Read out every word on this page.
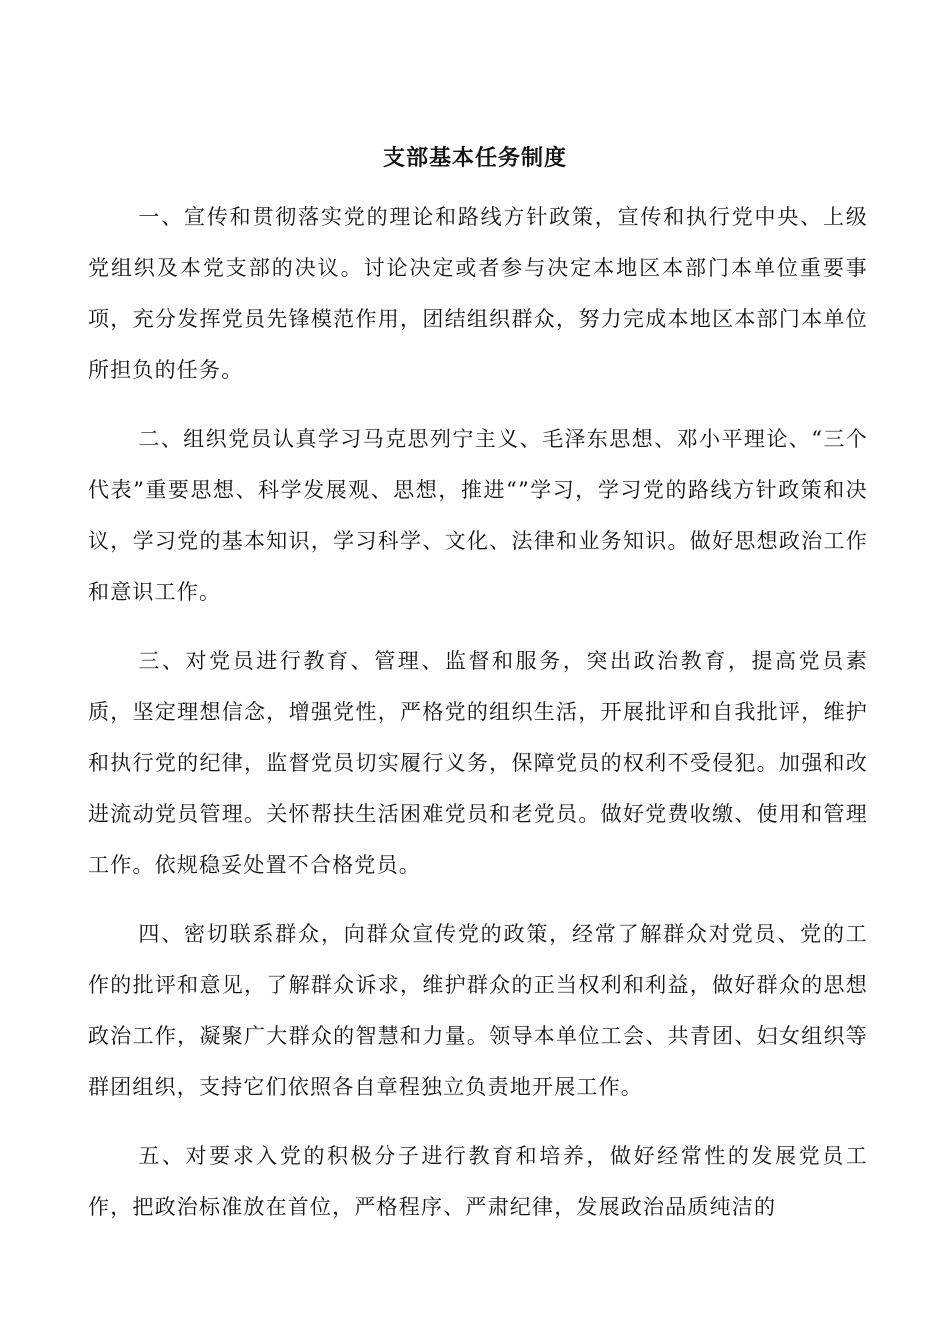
支部基本任务制度

一、宣传和贯彻落实党的理论和路线方针政策，宣传和执行党中央、上级党组织及本党支部的决议。讨论决定或者参与决定本地区本部门本单位重要事项，充分发挥党员先锋模范作用，团结组织群众，努力完成本地区本部门本单位所担负的任务。

二、组织党员认真学习马克思列宁主义、毛泽东思想、邓小平理论、“三个代表”重要思想、科学发展观、思想，推进“”学习，学习党的路线方针政策和决议，学习党的基本知识，学习科学、文化、法律和业务知识。做好思想政治工作和意识工作。

三、对党员进行教育、管理、监督和服务，突出政治教育，提高党员素质，坚定理想信念，增强党性，严格党的组织生活，开展批评和自我批评，维护和执行党的纪律，监督党员切实履行义务，保障党员的权利不受侵犯。加强和改进流动党员管理。关怀帮扶生活困难党员和老党员。做好党费收缴、使用和管理工作。依规稳妥处置不合格党员。

四、密切联系群众，向群众宣传党的政策，经常了解群众对党员、党的工作的批评和意见，了解群众诉求，维护群众的正当权利和利益，做好群众的思想政治工作，凝聚广大群众的智慧和力量。领导本单位工会、共青团、妇女组织等群团组织，支持它们依照各自章程独立负责地开展工作。

五、对要求入党的积极分子进行教育和培养，做好经常性的发展党员工作，把政治标准放在首位，严格程序、严肃纪律，发展政治品质纯洁的
